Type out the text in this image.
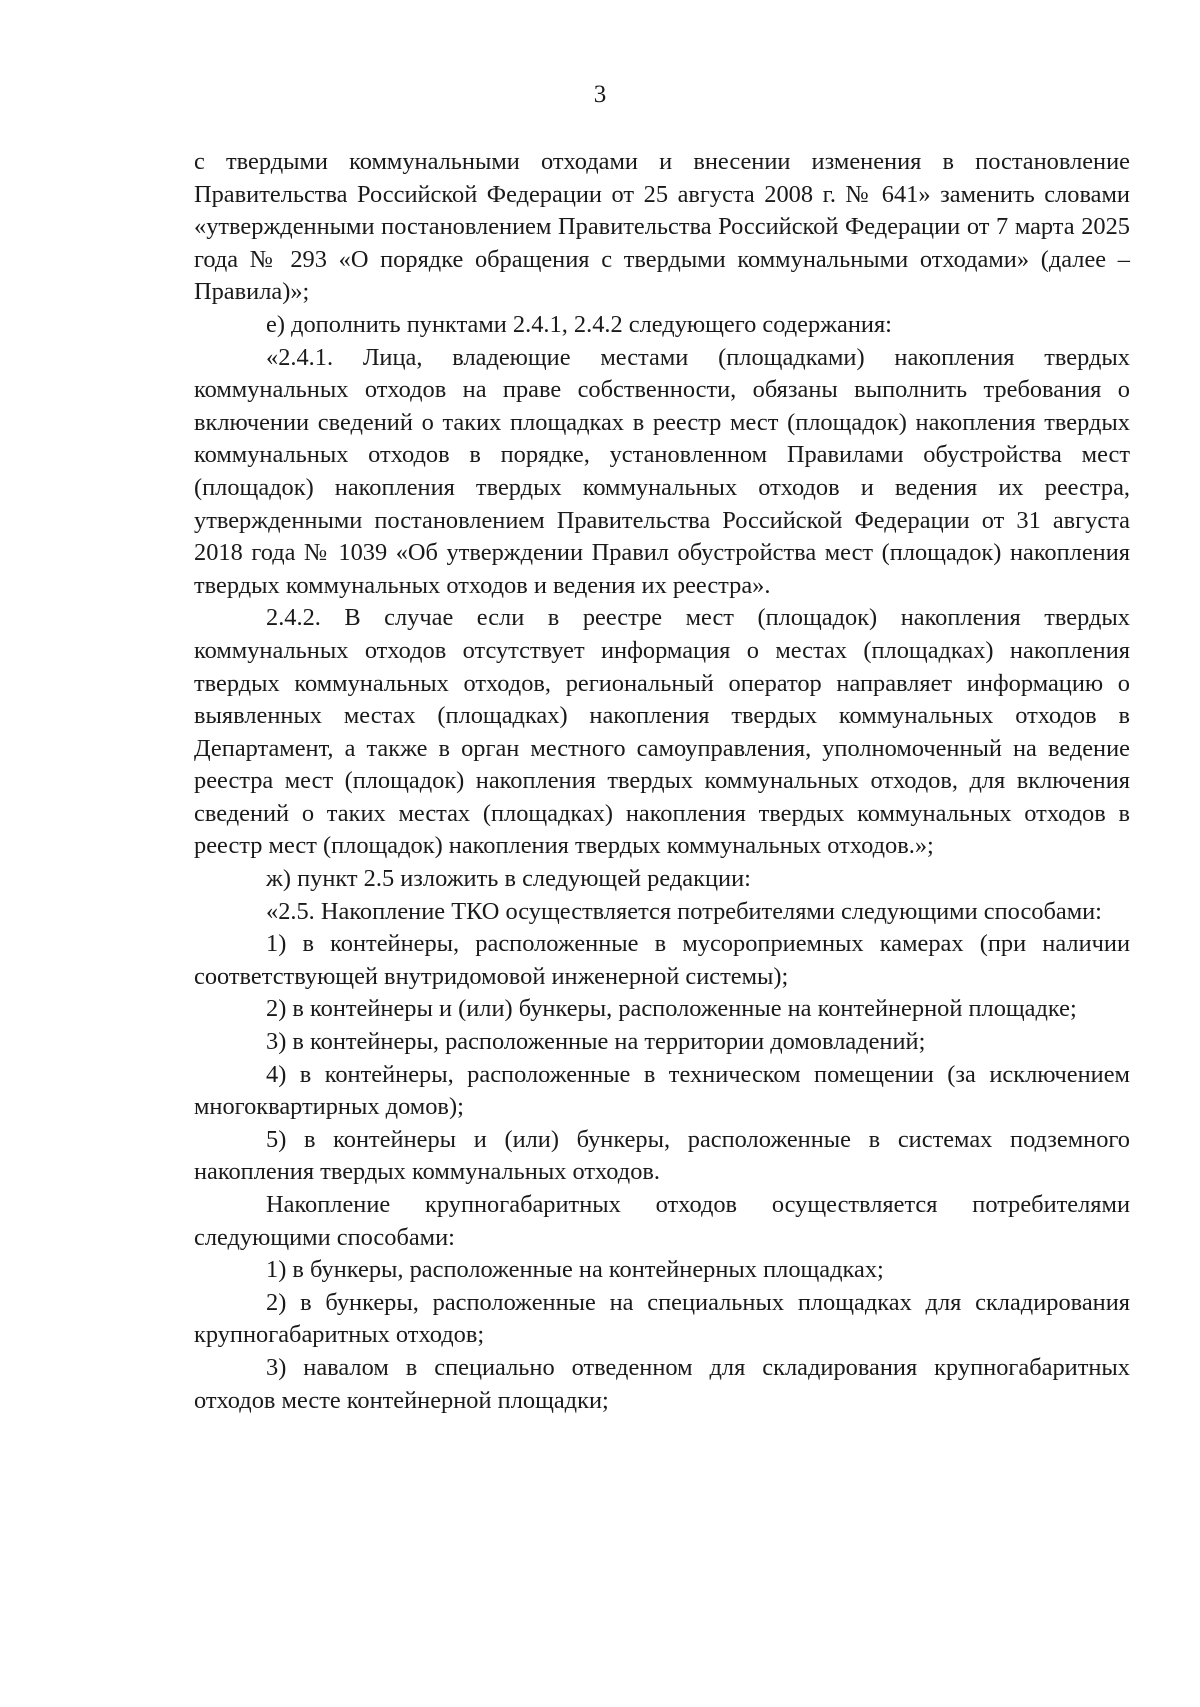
3

с твердыми коммунальными отходами и внесении изменения в постановление Правительства Российской Федерации от 25 августа 2008 г. № 641» заменить словами «утвержденными постановлением Правительства Российской Федерации от 7 марта 2025 года № 293 «О порядке обращения с твердыми коммунальными отходами» (далее – Правила)»;

е) дополнить пунктами 2.4.1, 2.4.2 следующего содержания:

«2.4.1. Лица, владеющие местами (площадками) накопления твердых коммунальных отходов на праве собственности, обязаны выполнить требования о включении сведений о таких площадках в реестр мест (площадок) накопления твердых коммунальных отходов в порядке, установленном Правилами обустройства мест (площадок) накопления твердых коммунальных отходов и ведения их реестра, утвержденными постановлением Правительства Российской Федерации от 31 августа 2018 года № 1039 «Об утверждении Правил обустройства мест (площадок) накопления твердых коммунальных отходов и ведения их реестра».

2.4.2. В случае если в реестре мест (площадок) накопления твердых коммунальных отходов отсутствует информация о местах (площадках) накопления твердых коммунальных отходов, региональный оператор направляет информацию о выявленных местах (площадках) накопления твердых коммунальных отходов в Департамент, а также в орган местного самоуправления, уполномоченный на ведение реестра мест (площадок) накопления твердых коммунальных отходов, для включения сведений о таких местах (площадках) накопления твердых коммунальных отходов в реестр мест (площадок) накопления твердых коммунальных отходов.»;

ж) пункт 2.5 изложить в следующей редакции:

«2.5. Накопление ТКО осуществляется потребителями следующими способами:

1) в контейнеры, расположенные в мусороприемных камерах (при наличии соответствующей внутридомовой инженерной системы);

2) в контейнеры и (или) бункеры, расположенные на контейнерной площадке;

3) в контейнеры, расположенные на территории домовладений;

4) в контейнеры, расположенные в техническом помещении (за исключением многоквартирных домов);

5) в контейнеры и (или) бункеры, расположенные в системах подземного накопления твердых коммунальных отходов.

Накопление крупногабаритных отходов осуществляется потребителями следующими способами:

1) в бункеры, расположенные на контейнерных площадках;

2) в бункеры, расположенные на специальных площадках для складирования крупногабаритных отходов;

3) навалом в специально отведенном для складирования крупногабаритных отходов месте контейнерной площадки;
